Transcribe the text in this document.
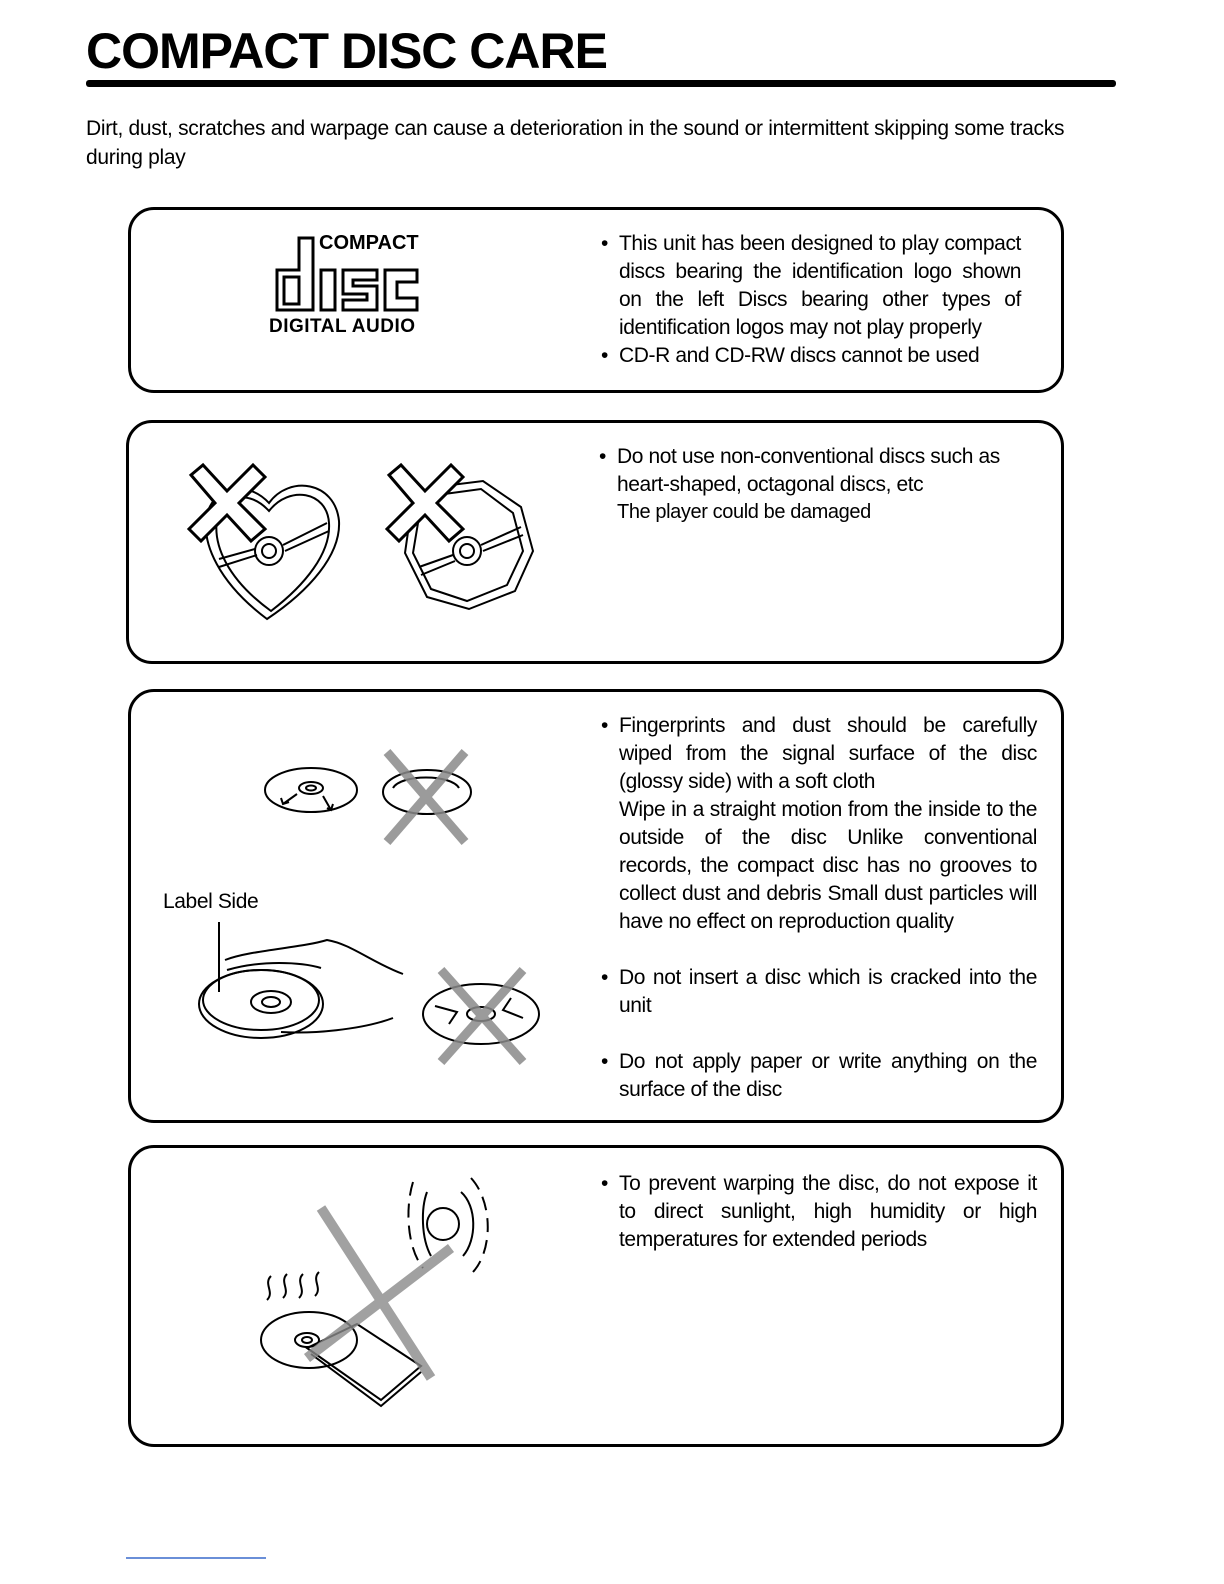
COMPACT DISC CARE

Dirt, dust, scratches and warpage can cause a deterioration in the sound or intermittent skipping some tracks during play

COMPACT
DIGITAL AUDIO
• This unit has been designed to play compact discs bearing the identification logo shown on the left Discs bearing other types of identification logos may not play properly
• CD-R and CD-RW discs cannot be used
• Do not use non-conventional discs such as heart-shaped, octagonal discs, etc
The player could be damaged
Label Side
• Fingerprints and dust should be carefully wiped from the signal surface of the disc (glossy side) with a soft cloth
Wipe in a straight motion from the inside to the outside of the disc Unlike conventional records, the compact disc has no grooves to collect dust and debris Small dust particles will have no effect on reproduction quality
• Do not insert a disc which is cracked into the unit
• Do not apply paper or write anything on the surface of the disc
• To prevent warping the disc, do not expose it to direct sunlight, high humidity or high temperatures for extended periods
